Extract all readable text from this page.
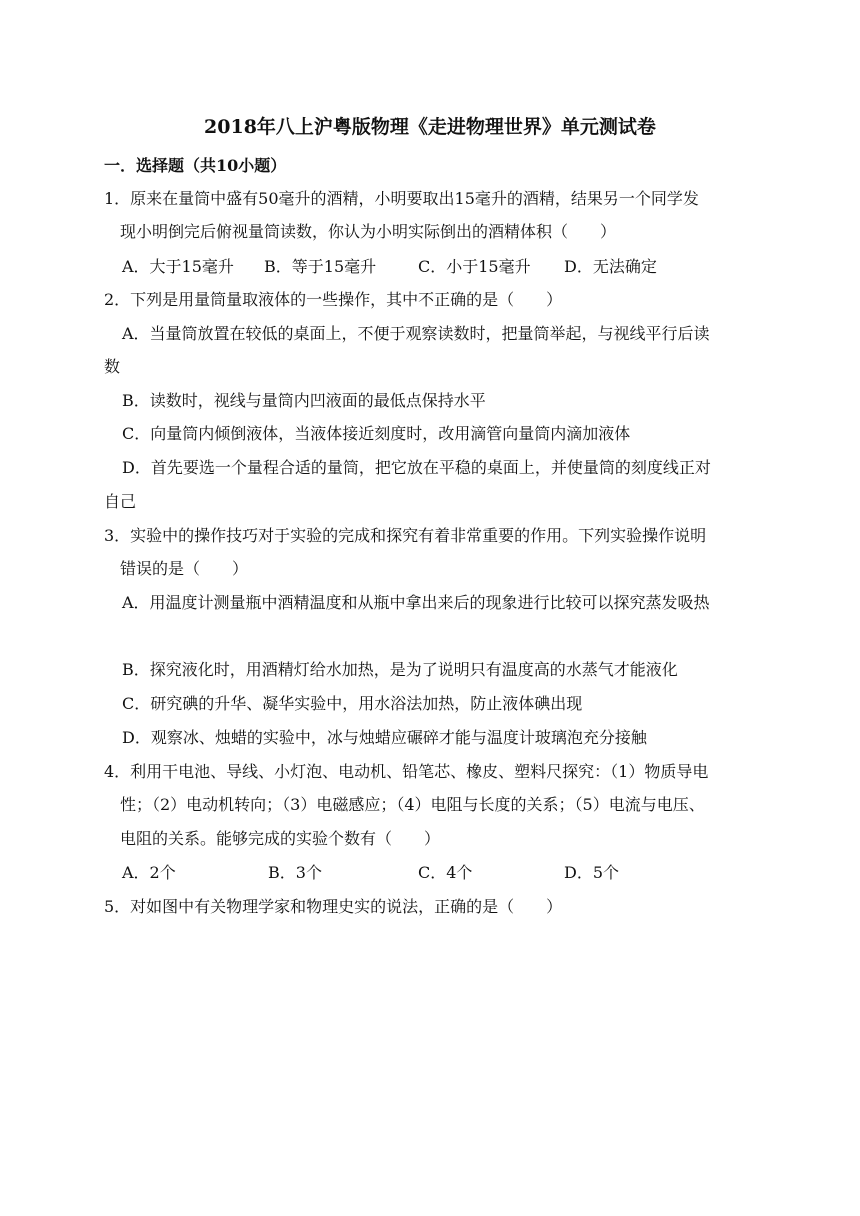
2018年八上沪粤版物理《走进物理世界》单元测试卷
一．选择题（共10小题）
1．原来在量筒中盛有50毫升的酒精，小明要取出15毫升的酒精，结果另一个同学发
现小明倒完后俯视量筒读数，你认为小明实际倒出的酒精体积（　　）
A．大于15毫升 B．等于15毫升	C．小于15毫升 D．无法确定
2．下列是用量筒量取液体的一些操作，其中不正确的是（　　）
A．当量筒放置在较低的桌面上，不便于观察读数时，把量筒举起，与视线平行后读
数
B．读数时，视线与量筒内凹液面的最低点保持水平
C．向量筒内倾倒液体，当液体接近刻度时，改用滴管向量筒内滴加液体
D．首先要选一个量程合适的量筒，把它放在平稳的桌面上，并使量筒的刻度线正对
自己
3．实验中的操作技巧对于实验的完成和探究有着非常重要的作用。下列实验操作说明
错误的是（　　）
A．用温度计测量瓶中酒精温度和从瓶中拿出来后的现象进行比较可以探究蒸发吸热
B．探究液化时，用酒精灯给水加热，是为了说明只有温度高的水蒸气才能液化
C．研究碘的升华、凝华实验中，用水浴法加热，防止液体碘出现
D．观察冰、烛蜡的实验中，冰与烛蜡应碾碎才能与温度计玻璃泡充分接触
4．利用干电池、导线、小灯泡、电动机、铅笔芯、橡皮、塑料尺探究：（1）物质导电
性；（2）电动机转向；（3）电磁感应；（4）电阻与长度的关系；（5）电流与电压、
电阻的关系。能够完成的实验个数有（　　）
A．2个	B．3个	C．4个	D．5个
5．对如图中有关物理学家和物理史实的说法，正确的是（　　）
